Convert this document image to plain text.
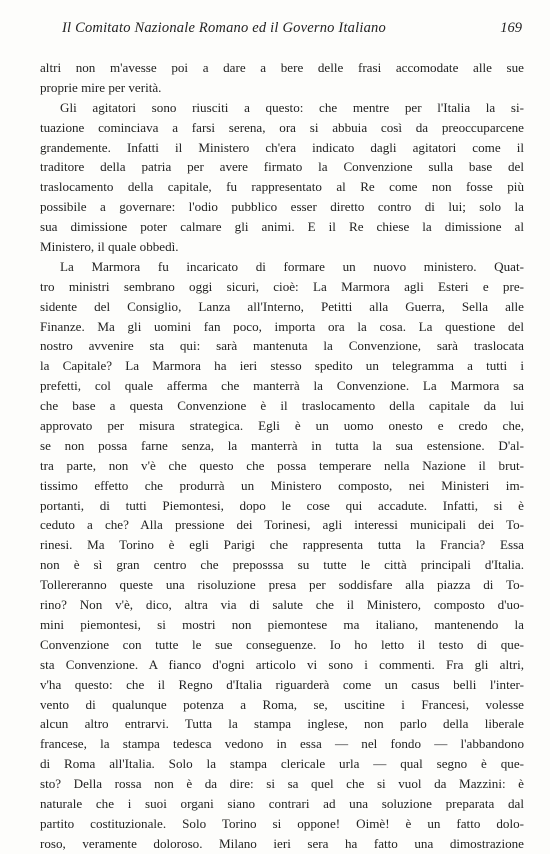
Il Comitato Nazionale Romano ed il Governo Italiano	169
altri non m'avesse poi a dare a bere delle frasi accomodate alle sue
proprie mire per verità.
Gli agitatori sono riusciti a questo: che mentre per l'Italia la si-
tuazione cominciava a farsi serena, ora si abbuia così da preoccuparcene
grandemente. Infatti il Ministero ch'era indicato dagli agitatori come il
traditore della patria per avere firmato la Convenzione sulla base del
traslocamento della capitale, fu rappresentato al Re come non fosse più
possibile a governare: l'odio pubblico esser diretto contro di lui; solo la
sua dimissione poter calmare gli animi. E il Re chiese la dimissione al
Ministero, il quale obbedì.
La Marmora fu incaricato di formare un nuovo ministero. Quat-
tro ministri sembrano oggi sicuri, cioè: La Marmora agli Esteri e pre-
sidente del Consiglio, Lanza all'Interno, Petitti alla Guerra, Sella alle
Finanze. Ma gli uomini fan poco, importa ora la cosa. La questione del
nostro avvenire sta qui: sarà mantenuta la Convenzione, sarà traslocata
la Capitale? La Marmora ha ieri stesso spedito un telegramma a tutti i
prefetti, col quale afferma che manterrà la Convenzione. La Marmora sa
che base a questa Convenzione è il traslocamento della capitale da lui
approvato per misura strategica. Egli è un uomo onesto e credo che,
se non possa farne senza, la manterrà in tutta la sua estensione. D'al-
tra parte, non v'è che questo che possa temperare nella Nazione il brut-
tissimo effetto che produrrà un Ministero composto, nei Ministeri im-
portanti, di tutti Piemontesi, dopo le cose qui accadute. Infatti, si è
ceduto a che? Alla pressione dei Torinesi, agli interessi municipali dei To-
rinesi. Ma Torino è egli Parigi che rappresenta tutta la Francia? Essa
non è sì gran centro che preposssa su tutte le città principali d'Italia.
Tollereranno queste una risoluzione presa per soddisfare alla piazza di To-
rino? Non v'è, dico, altra via di salute che il Ministero, composto d'uo-
mini piemontesi, si mostri non piemontese ma italiano, mantenendo la
Convenzione con tutte le sue conseguenze. Io ho letto il testo di que-
sta Convenzione. A fianco d'ogni articolo vi sono i commenti. Fra gli altri,
v'ha questo: che il Regno d'Italia riguarderà come un casus belli l'inter-
vento di qualunque potenza a Roma, se, uscitine i Francesi, volesse
alcun altro entrarvi. Tutta la stampa inglese, non parlo della liberale
francese, la stampa tedesca vedono in essa — nel fondo — l'abbandono
di Roma all'Italia. Solo la stampa clericale urla — qual segno è que-
sto? Della rossa non è da dire: si sa quel che si vuol da Mazzini: è
naturale che i suoi organi siano contrari ad una soluzione preparata dal
partito costituzionale. Solo Torino si oppone! Oimè! è un fatto dolo-
roso, veramente doloroso. Milano ieri sera ha fatto una dimostrazione
